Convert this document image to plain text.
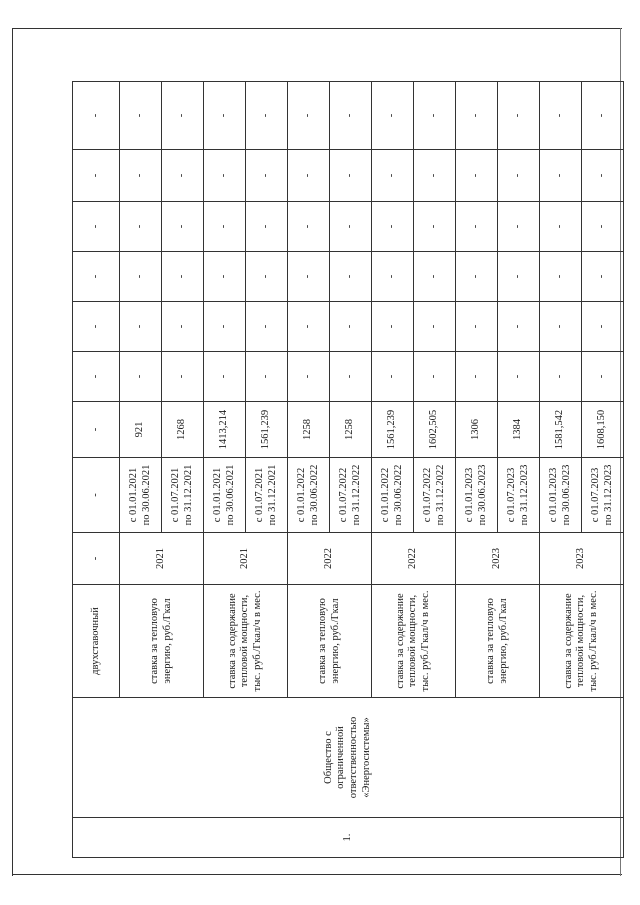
1.	Общество с ограниченной ответственностью «Энергосистемы»	двухставочный	-	-	-	-	-	-	-	-	-
		ставка за тепловую энергию, руб./Гкал	2021	с 01.01.2021 по 30.06.2021	921	-	-	-	-	-	-
				с 01.07.2021 по 31.12.2021	1268	-	-	-	-	-	-
		ставка за содержание тепловой мощности, тыс. руб./Гкал/ч в мес.	2021	с 01.01.2021 по 30.06.2021	1413,214	-	-	-	-	-	-
				с 01.07.2021 по 31.12.2021	1561,239	-	-	-	-	-	-
		ставка за тепловую энергию, руб./Гкал	2022	с 01.01.2022 по 30.06.2022	1258	-	-	-	-	-	-
				с 01.07.2022 по 31.12.2022	1258	-	-	-	-	-	-
		ставка за содержание тепловой мощности, тыс. руб./Гкал/ч в мес.	2022	с 01.01.2022 по 30.06.2022	1561,239	-	-	-	-	-	-
				с 01.07.2022 по 31.12.2022	1602,505	-	-	-	-	-	-
		ставка за тепловую энергию, руб./Гкал	2023	с 01.01.2023 по 30.06.2023	1306	-	-	-	-	-	-
				с 01.07.2023 по 31.12.2023	1384	-	-	-	-	-	-
		ставка за содержание тепловой мощности, тыс. руб./Гкал/ч в мес.	2023	с 01.01.2023 по 30.06.2023	1581,542	-	-	-	-	-	-
				с 01.07.2023 по 31.12.2023	1608,150	-	-	-	-	-	-
